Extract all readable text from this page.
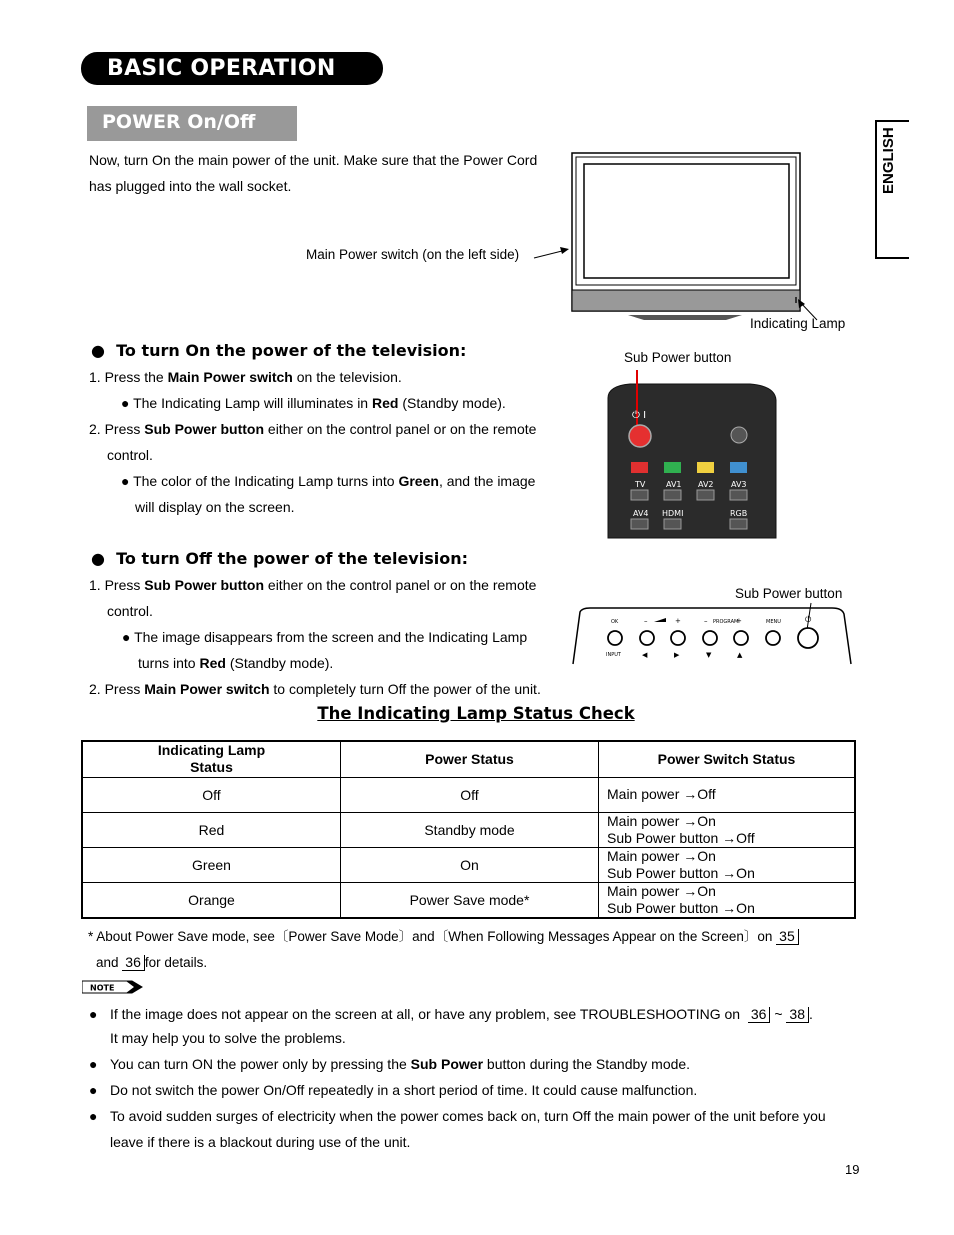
BASIC OPERATION
POWER On/Off
ENGLISH
Now, turn On the main power of the unit. Make sure that the Power Cord
has plugged into the wall socket.
Main Power switch (on the left side)
Indicating Lamp
●  To turn On the power of the television:
1. Press the Main Power switch on the television.
● The Indicating Lamp will illuminates in Red (Standby mode).
2. Press Sub Power button either on the control panel or on the remote
control.
● The color of the Indicating Lamp turns into Green, and the image
will display on the screen.
Sub Power button
⏻ I
TV	AV1 AV2 AV3
AV4 HDMI	RGB
●  To turn Off the power of the television:
1. Press Sub Power button either on the control panel or on the remote
control.
● The image disappears from the screen and the Indicating Lamp
turns into Red (Standby mode).
2. Press Main Power switch to completely turn Off the power of the unit.
Sub Power button
OK
INPUT
PROGRAM	MENU
–	+	–	+	⏻
◀	▶	▼	▲
The Indicating Lamp Status Check
Indicating Lamp
Status	Power Status	Power Switch Status
Off	Off	Main power →Off

Red	Standby mode	Main power →On
Sub Power button →Off

Green	On	Main power →On
Sub Power button →On

Orange	Power Save mode*	Main power →On
Sub Power button →On
* About Power Save mode, see〔Power Save Mode〕and〔When Following Messages Appear on the Screen〕on 35
and 36 for details.
NOTE
● If the image does not appear on the screen at all, or have any problem, see TROUBLESHOOTING on 36 ~ 38 .
It may help you to solve the problems.
● You can turn ON the power only by pressing the Sub Power button during the Standby mode.
● Do not switch the power On/Off repeatedly in a short period of time. It could cause malfunction.
● To avoid sudden surges of electricity when the power comes back on, turn Off the main power of the unit before you
leave if there is a blackout during use of the unit.
19
